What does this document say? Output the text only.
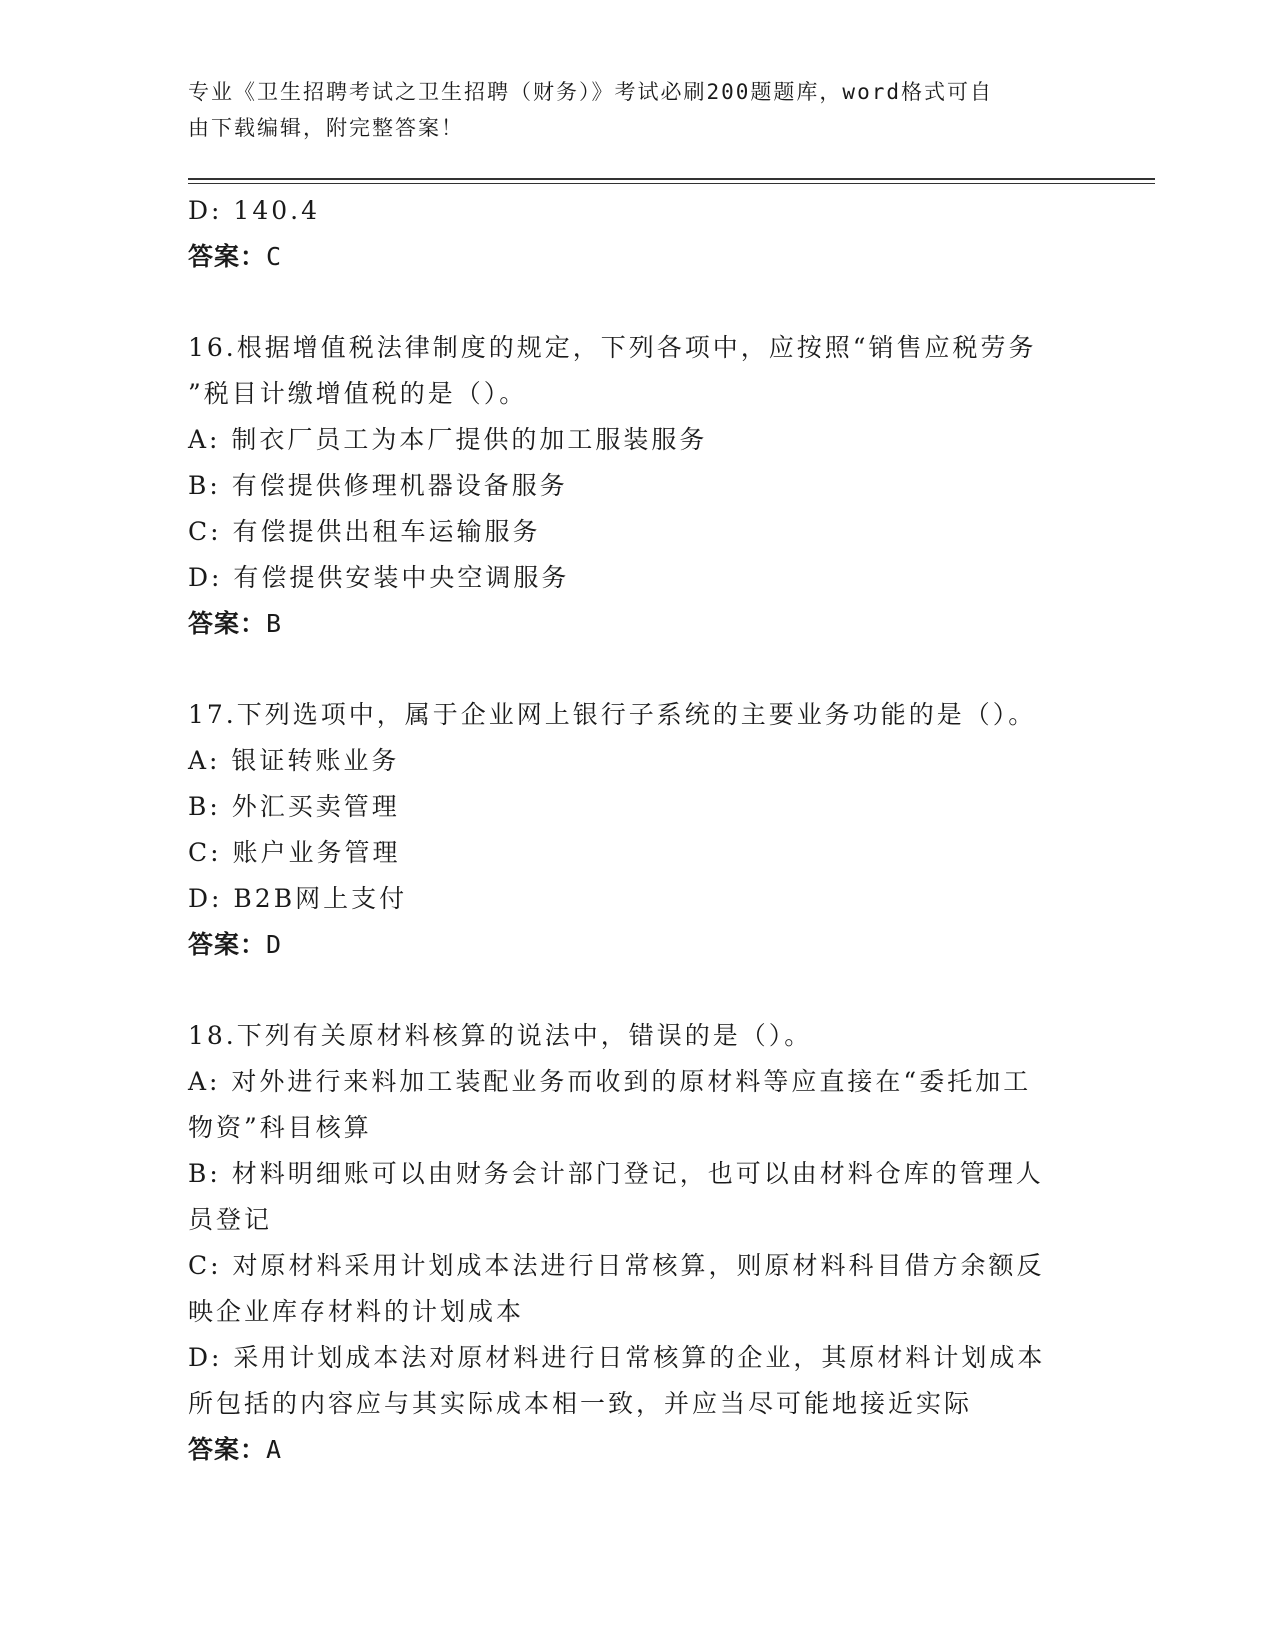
专业《卫生招聘考试之卫生招聘（财务）》考试必刷200题题库，word格式可自
由下载编辑，附完整答案！
D: 140.4
答案：C
16.根据增值税法律制度的规定，下列各项中，应按照“销售应税劳务
”税目计缴增值税的是（）。
A: 制衣厂员工为本厂提供的加工服装服务
B: 有偿提供修理机器设备服务
C: 有偿提供出租车运输服务
D: 有偿提供安装中央空调服务
答案：B
17.下列选项中，属于企业网上银行子系统的主要业务功能的是（）。
A: 银证转账业务
B: 外汇买卖管理
C: 账户业务管理
D: B2B网上支付
答案：D
18.下列有关原材料核算的说法中，错误的是（）。
A: 对外进行来料加工装配业务而收到的原材料等应直接在“委托加工
物资”科目核算
B: 材料明细账可以由财务会计部门登记，也可以由材料仓库的管理人
员登记
C: 对原材料采用计划成本法进行日常核算，则原材料科目借方余额反
映企业库存材料的计划成本
D: 采用计划成本法对原材料进行日常核算的企业，其原材料计划成本
所包括的内容应与其实际成本相一致，并应当尽可能地接近实际
答案：A
